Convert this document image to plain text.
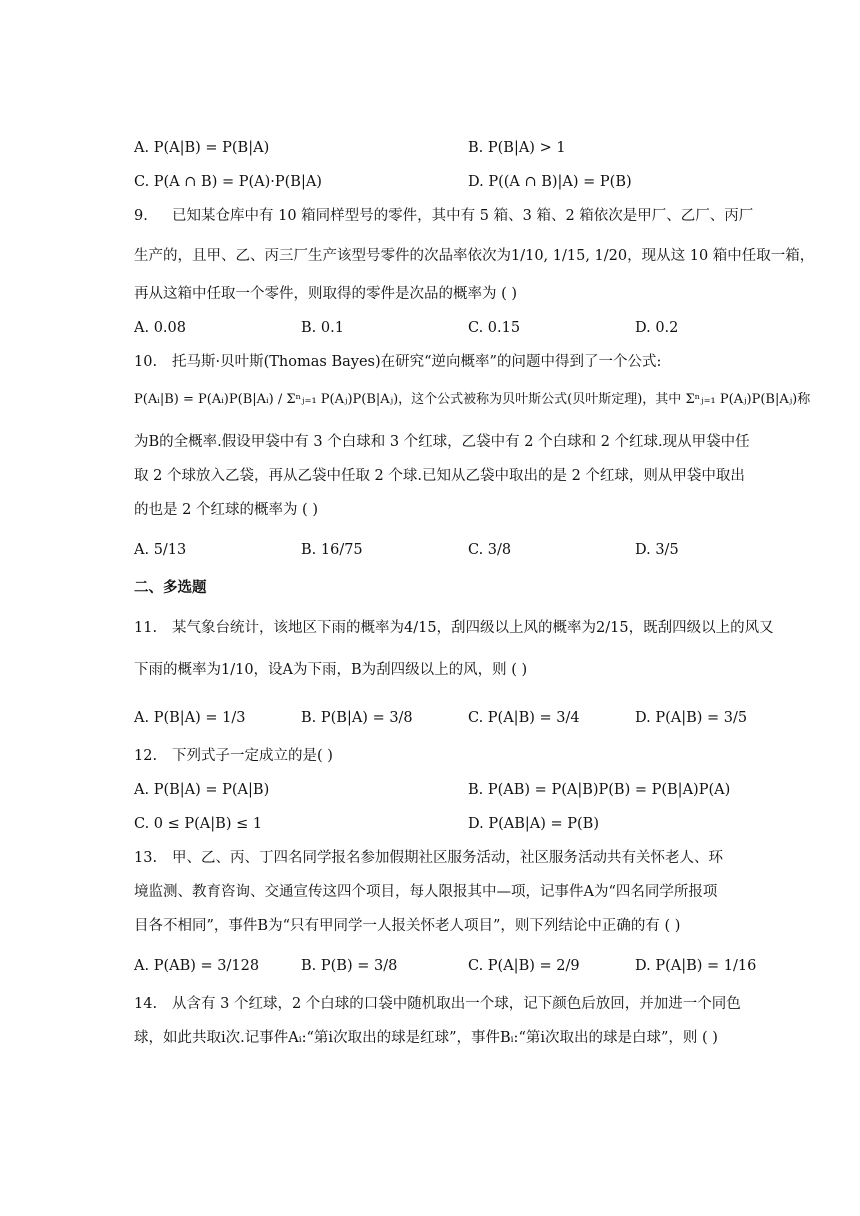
A. P(A|B) = P(B|A)	B. P(B|A) > 1
C. P(A ∩ B) = P(A)·P(B|A)	D. P((A ∩ B)|A) = P(B)
9. 已知某仓库中有 10 箱同样型号的零件，其中有 5 箱、3 箱、2 箱依次是甲厂、乙厂、丙厂
生产的，且甲、乙、丙三厂生产该型号零件的次品率依次为1/10, 1/15, 1/20，现从这 10 箱中任取一箱，
再从这箱中任取一个零件，则取得的零件是次品的概率为 ( )
A. 0.08	B. 0.1	C. 0.15	D. 0.2
10. 托马斯·贝叶斯(Thomas Bayes)在研究“逆向概率”的问题中得到了一个公式:
P(Aᵢ|B) = P(Aᵢ)P(B|Aᵢ) / Σⁿⱼ₌₁ P(Aⱼ)P(B|Aⱼ)，这个公式被称为贝叶斯公式(贝叶斯定理)，其中 Σⁿⱼ₌₁ P(Aⱼ)P(B|Aⱼ)称
为B的全概率.假设甲袋中有 3 个白球和 3 个红球，乙袋中有 2 个白球和 2 个红球.现从甲袋中任
取 2 个球放入乙袋，再从乙袋中任取 2 个球.已知从乙袋中取出的是 2 个红球，则从甲袋中取出
的也是 2 个红球的概率为 ( )
A. 5/13	B. 16/75	C. 3/8	D. 3/5
二、多选题
11. 某气象台统计，该地区下雨的概率为4/15，刮四级以上风的概率为2/15，既刮四级以上的风又
下雨的概率为1/10，设A为下雨，B为刮四级以上的风，则 ( )
A. P(B|A) = 1/3	B. P(B|A) = 3/8	C. P(A|B) = 3/4	D. P(A|B) = 3/5
12. 下列式子一定成立的是( )
A. P(B|A) = P(A|B)	B. P(AB) = P(A|B)P(B) = P(B|A)P(A)
C. 0 ≤ P(A|B) ≤ 1	D. P(AB|A) = P(B)
13. 甲、乙、丙、丁四名同学报名参加假期社区服务活动，社区服务活动共有关怀老人、环
境监测、教育咨询、交通宣传这四个项目，每人限报其中—项，记事件A为“四名同学所报项
目各不相同”，事件B为“只有甲同学一人报关怀老人项目”，则下列结论中正确的有 ( )
A. P(AB) = 3/128	B. P(B) = 3/8	C. P(A|B) = 2/9	D. P(A|B) = 1/16
14. 从含有 3 个红球，2 个白球的口袋中随机取出一个球，记下颜色后放回，并加进一个同色
球，如此共取i次.记事件Aᵢ:“第i次取出的球是红球”，事件Bᵢ:“第i次取出的球是白球”，则 ( )
